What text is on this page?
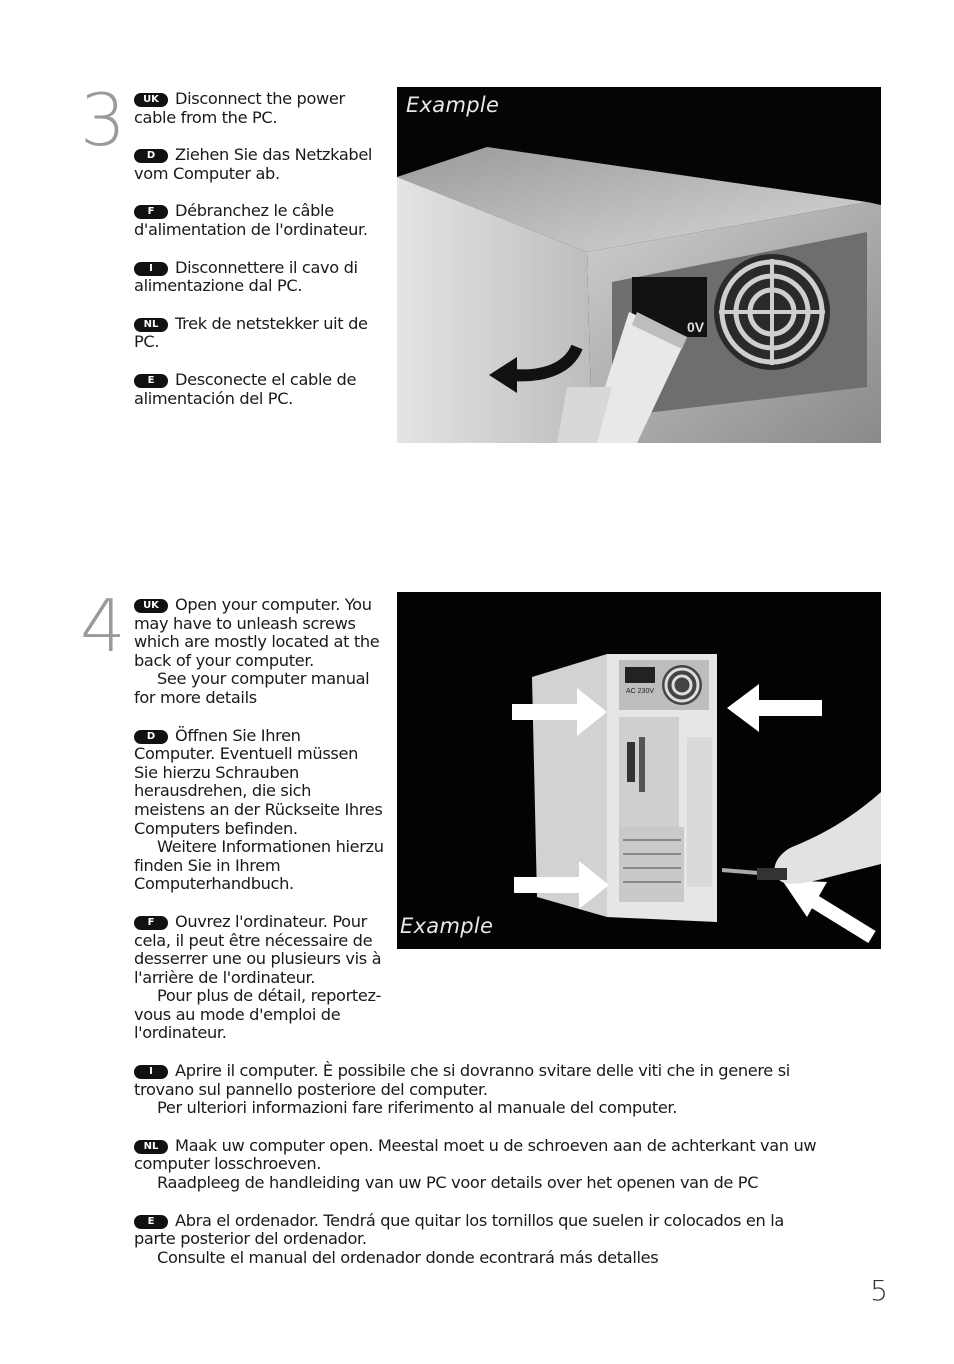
3	UK Disconnect the power cable from the PC.

D Ziehen Sie das Netzkabel vom Computer ab.

F Débranchez le câble d'alimentation de l'ordinateur.

I Disconnettere il cavo di alimentazione dal PC.

NL Trek de netstekker uit de PC.

E Desconecte el cable de alimentación del PC.

0V
Example
4	UK Open your computer. You may have to unleash screws which are mostly located at the back of your computer.
See your computer manual for more details

D Öffnen Sie Ihren Computer. Eventuell müssen Sie hierzu Schrauben herausdrehen, die sich meistens an der Rückseite Ihres Computers befinden.
Weitere Informationen hierzu finden Sie in Ihrem Computerhandbuch.

F Ouvrez l'ordinateur. Pour cela, il peut être nécessaire de desserrer une ou plusieurs vis à l'arrière de l'ordinateur.
Pour plus de détail, reportez-vous au mode d'emploi de l'ordinateur.

I Aprire il computer. È possibile che si dovranno svitare delle viti che in genere si trovano sul pannello posteriore del computer.
Per ulteriori informazioni fare riferimento al manuale del computer.

NL Maak uw computer open. Meestal moet u de schroeven aan de achterkant van uw computer losschroeven.
Raadpleeg de handleiding van uw PC voor details over het openen van de PC

E Abra el ordenador. Tendrá que quitar los tornillos que suelen ir colocados en la parte posterior del ordenador.
Consulte el manual del ordenador donde econtrará más detalles

AC 230V
Example
5
